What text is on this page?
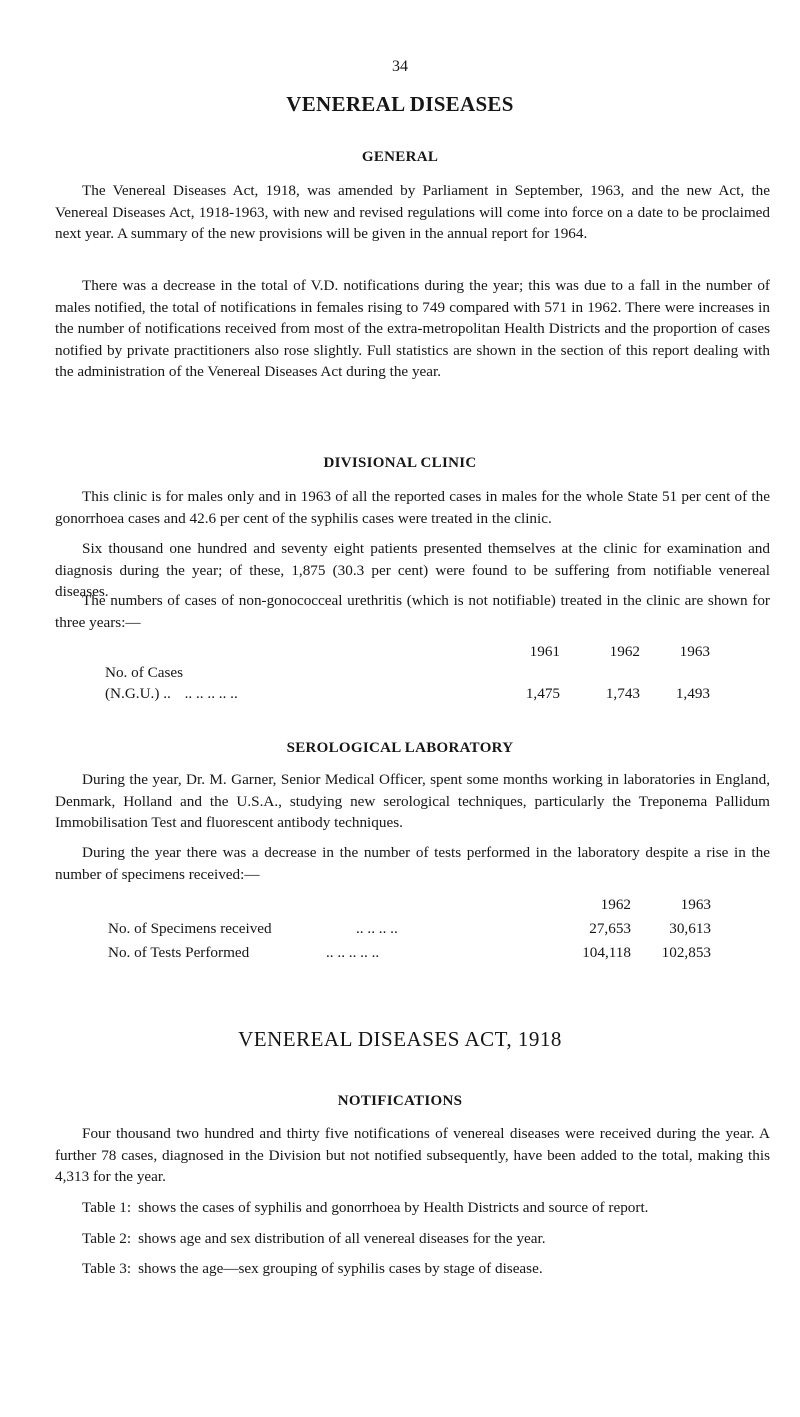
34
VENEREAL DISEASES
GENERAL

The Venereal Diseases Act, 1918, was amended by Parliament in September, 1963, and the new Act, the Venereal Diseases Act, 1918-1963, with new and revised regulations will come into force on a date to be proclaimed next year. A summary of the new provisions will be given in the annual report for 1964.

There was a decrease in the total of V.D. notifications during the year; this was due to a fall in the number of males notified, the total of notifications in females rising to 749 compared with 571 in 1962. There were increases in the number of notifications received from most of the extra-metropolitan Health Districts and the proportion of cases notified by private practitioners also rose slightly. Full statistics are shown in the section of this report dealing with the administration of the Venereal Diseases Act during the year.

DIVISIONAL CLINIC

This clinic is for males only and in 1963 of all the reported cases in males for the whole State 51 per cent of the gonorrhoea cases and 42.6 per cent of the syphilis cases were treated in the clinic.

Six thousand one hundred and seventy eight patients presented themselves at the clinic for examination and diagnosis during the year; of these, 1,875 (30.3 per cent) were found to be suffering from notifiable venereal diseases.

The numbers of cases of non-gonococceal urethritis (which is not notifiable) treated in the clinic are shown for three years:—

	1961	1962	1963
No. of Cases			
(N.G.U.) .. .. .. .. .. ..	1,475	1,743	1,493
SEROLOGICAL LABORATORY

During the year, Dr. M. Garner, Senior Medical Officer, spent some months working in laboratories in England, Denmark, Holland and the U.S.A., studying new serological techniques, particularly the Treponema Pallidum Immobilisation Test and fluorescent antibody techniques.

During the year there was a decrease in the number of tests performed in the laboratory despite a rise in the number of specimens received:—

	1962	1963
No. of Specimens received .. .. .. ..	27,653	30,613
No. of Tests Performed .. .. .. .. ..	104,118	102,853
VENEREAL DISEASES ACT, 1918
NOTIFICATIONS

Four thousand two hundred and thirty five notifications of venereal diseases were received during the year. A further 78 cases, diagnosed in the Division but not notified subsequently, have been added to the total, making this 4,313 for the year.

Table 1: shows the cases of syphilis and gonorrhoea by Health Districts and source of report.
Table 2: shows age and sex distribution of all venereal diseases for the year.
Table 3: shows the age—sex grouping of syphilis cases by stage of disease.
